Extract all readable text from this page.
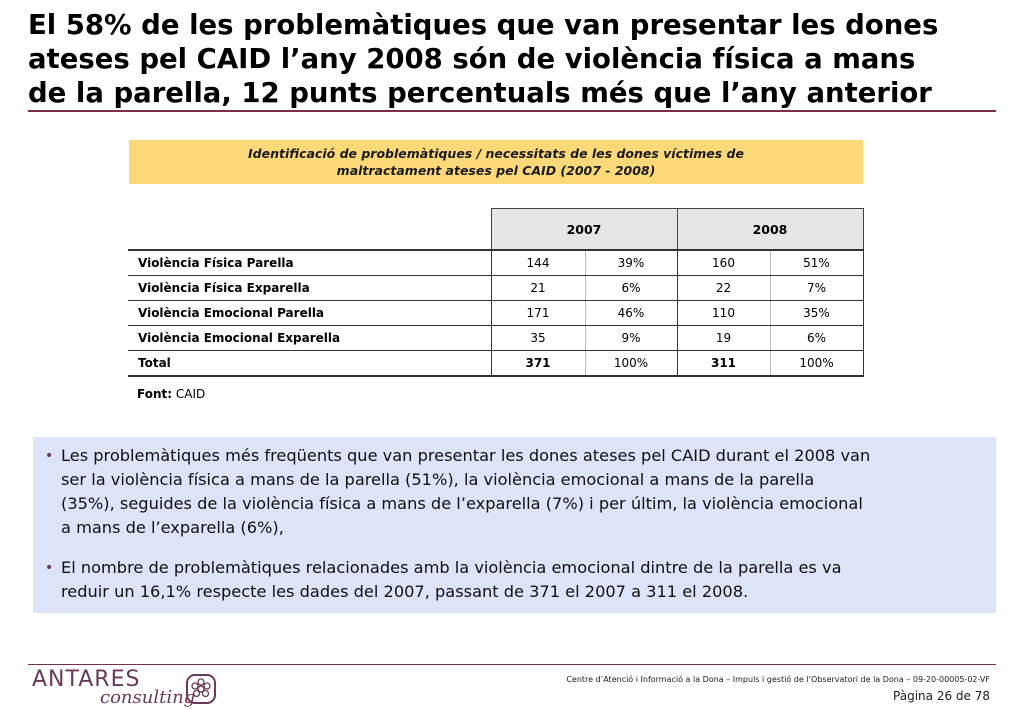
El 58% de les problemàtiques que van presentar les dones
ateses pel CAID l’any 2008 són de violència física a mans
de la parella, 12 punts percentuals més que l’any anterior
Identificació de problemàtiques / necessitats de les dones víctimes de
maltractament ateses pel CAID (2007 - 2008)
	2007		2008	
Violència Física Parella	144	39%	160	51%
Violència Física Exparella	21	6%	22	7%
Violència Emocional Parella	171	46%	110	35%
Violència Emocional Exparella	35	9%	19	6%
Total	371	100%	311	100%
Font: CAID
• Les problemàtiques més freqüents que van presentar les dones ateses pel CAID durant el 2008 van
ser la violència física a mans de la parella (51%), la violència emocional a mans de la parella
(35%), seguides de la violència física a mans de l’exparella (7%) i per últim, la violència emocional
a mans de l’exparella (6%),
• El nombre de problemàtiques relacionades amb la violència emocional dintre de la parella es va
reduir un 16,1% respecte les dades del 2007, passant de 371 el 2007 a 311 el 2008.
ANTARES
consulting
Centre d’Atenció i Informació a la Dona – Impuls i gestió de l’Observatori de la Dona – 09-20-00005-02-VF
Pàgina 26 de 78
